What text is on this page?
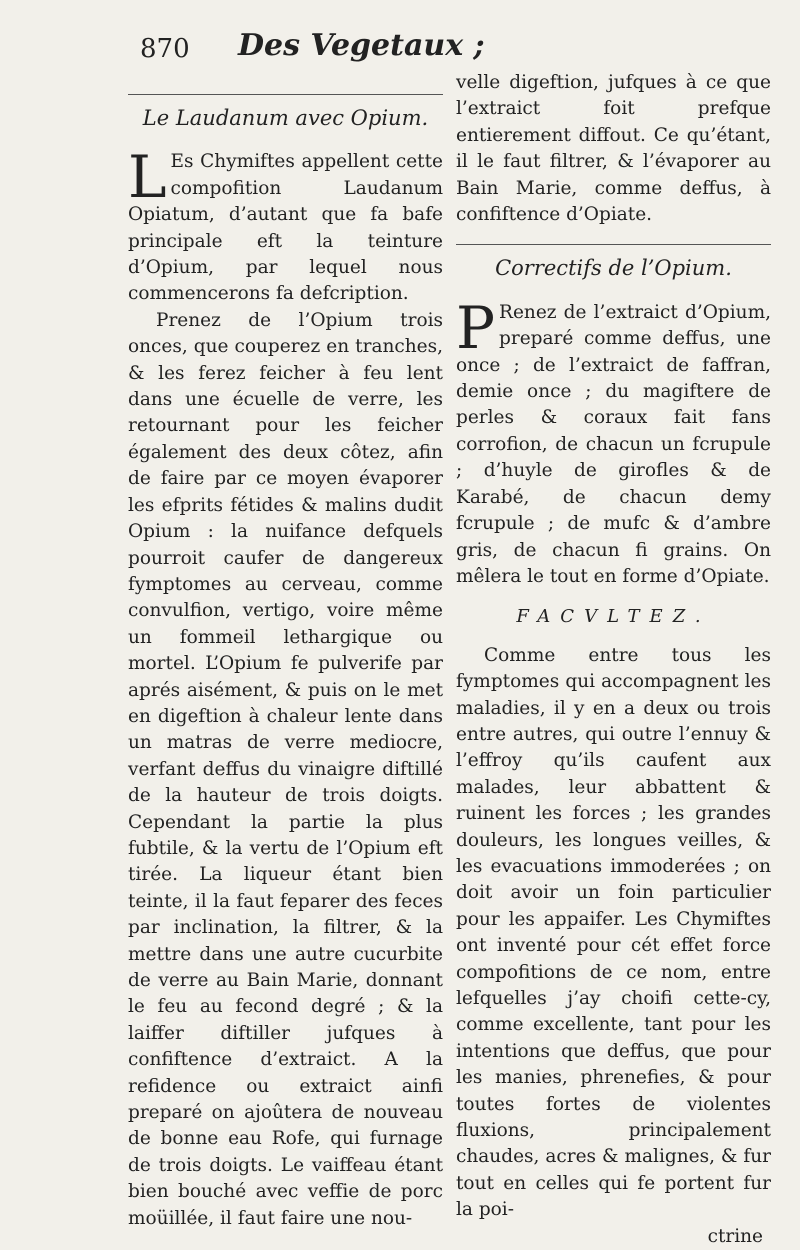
870 Des Vegetaux ;
Le Laudanum avec Opium.

L Es Chymiftes appellent cette compofition Laudanum Opiatum, d’autant que fa bafe principale eft la teinture d’Opium, par lequel nous commencerons fa defcription.

Prenez de l’Opium trois onces, que couperez en tranches, & les ferez feicher à feu lent dans une écuelle de verre, les retournant pour les feicher également des deux côtez, afin de faire par ce moyen évaporer les efprits fétides & malins dudit Opium : la nuifance defquels pourroit caufer de dangereux fymptomes au cerveau, comme convulfion, vertigo, voire même un fommeil lethargique ou mortel. L’Opium fe pulverife par aprés aisément, & puis on le met en digeftion à chaleur lente dans un matras de verre mediocre, verfant deffus du vinaigre diftillé de la hauteur de trois doigts. Cependant la partie la plus fubtile, & la vertu de l’Opium eft tirée. La liqueur étant bien teinte, il la faut feparer des feces par inclination, la filtrer, & la mettre dans une autre cucurbite de verre au Bain Marie, donnant le feu au fecond degré ; & la laiffer diftiller jufques à confiftence d’extraict. A la refidence ou extraict ainfi preparé on ajoûtera de nouveau de bonne eau Rofe, qui furnage de trois doigts. Le vaiffeau étant bien bouché avec veffie de porc moüillée, il faut faire une nou-

velle digeftion, jufques à ce que l’extraict foit prefque entierement diffout. Ce qu’étant, il le faut filtrer, & l’évaporer au Bain Marie, comme deffus, à confiftence d’Opiate.

Correctifs de l’Opium.

P Renez de l’extraict d’Opium, preparé comme deffus, une once ; de l’extraict de faffran, demie once ; du magiftere de perles & coraux fait fans corrofion, de chacun un fcrupule ; d’huyle de girofles & de Karabé, de chacun demy fcrupule ; de mufc & d’ambre gris, de chacun fi grains. On mêlera le tout en forme d’Opiate.

FACVLTEZ.

Comme entre tous les fymptomes qui accompagnent les maladies, il y en a deux ou trois entre autres, qui outre l’ennuy & l’effroy qu’ils caufent aux malades, leur abbattent & ruinent les forces ; les grandes douleurs, les longues veilles, & les evacuations immoderées ; on doit avoir un foin particulier pour les appaifer. Les Chymiftes ont inventé pour cét effet force compofitions de ce nom, entre lefquelles j’ay choifi cette-cy, comme excellente, tant pour les intentions que deffus, que pour les manies, phrenefies, & pour toutes fortes de violentes fluxions, principalement chaudes, acres & malignes, & fur tout en celles qui fe portent fur la poi-

ctrine
